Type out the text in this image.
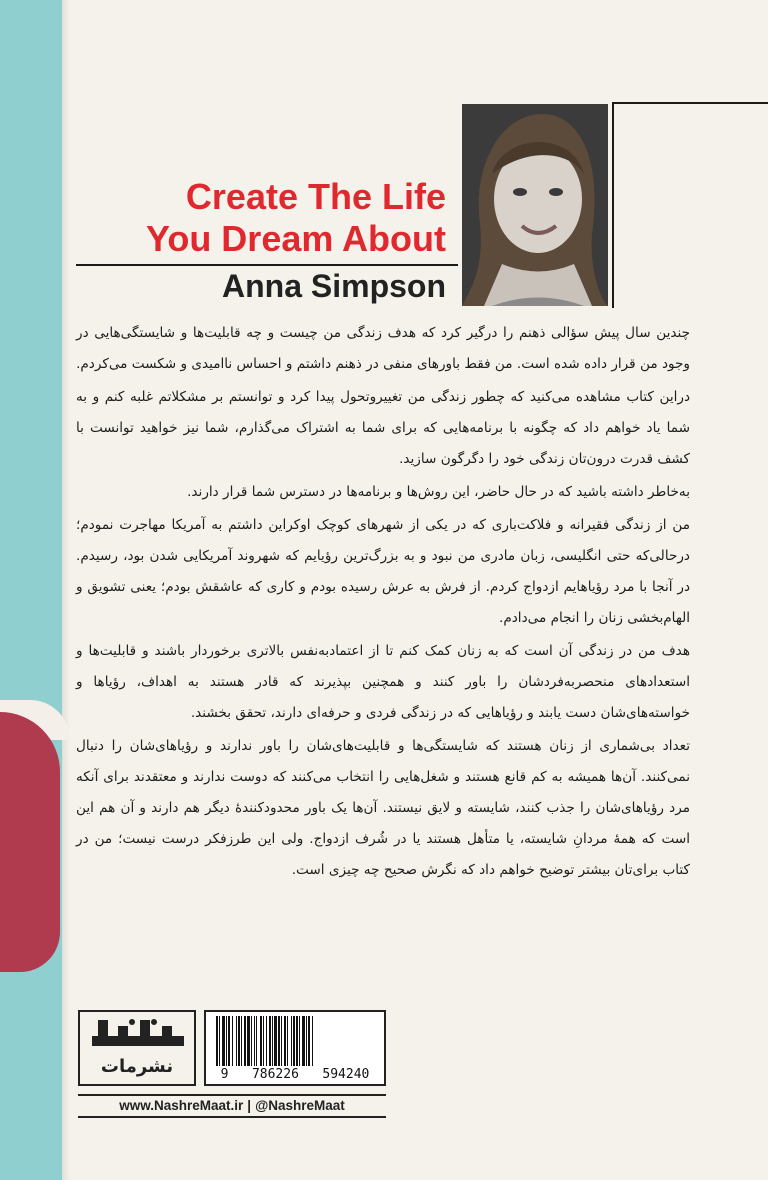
Create The Life
You Dream About
Anna Simpson

چندین سال پیش سؤالی ذهنم را درگیر کرد که هدف زندگی من چیست و چه قابلیت‌ها و شایستگی‌هایی در وجود من قرار داده شده است. من فقط باورهای منفی در ذهنم داشتم و احساس ناامیدی و شکست می‌کردم.

دراین کتاب مشاهده می‌کنید که چطور زندگی من تغییروتحول پیدا کرد و توانستم بر مشکلاتم غلبه کنم و به شما یاد خواهم داد که چگونه با برنامه‌هایی که برای شما به اشتراک می‌گذارم، شما نیز خواهید توانست با کشف قدرت درون‌تان زندگی خود را دگرگون سازید.

به‌خاطر داشته باشید که در حال حاضر، این روش‌ها و برنامه‌ها در دسترس شما قرار دارند.

من از زندگی فقیرانه و فلاکت‌باری که در یکی از شهرهای کوچک اوکراین داشتم به آمریکا مهاجرت نمودم؛ درحالی‌که حتی انگلیسی، زبان مادری من نبود و به بزرگ‌ترین رؤیایم که شهروند آمریکایی شدن بود، رسیدم. در آنجا با مرد رؤیاهایم ازدواج کردم. از فرش به عرش رسیده بودم و کاری که عاشقش بودم؛ یعنی تشویق و الهام‌بخشی زنان را انجام می‌دادم.

هدف من در زندگی آن است که به زنان کمک کنم تا از اعتمادبه‌نفس بالاتری برخوردار باشند و قابلیت‌ها و استعدادهای منحصربه‌فردشان را باور کنند و همچنین بپذیرند که قادر هستند به اهداف، رؤیاها و خواسته‌های‌شان دست یابند و رؤیاهایی که در زندگی فردی و حرفه‌ای دارند، تحقق بخشند.

تعداد بی‌شماری از زنان هستند که شایستگی‌ها و قابلیت‌های‌شان را باور ندارند و رؤیاهای‌شان را دنبال نمی‌کنند. آن‌ها همیشه به کم قانع هستند و شغل‌هایی را انتخاب می‌کنند که دوست ندارند و معتقدند برای آنکه مرد رؤیاهای‌شان را جذب کنند، شایسته و لایق نیستند. آن‌ها یک باور محدودکنندهٔ دیگر هم دارند و آن هم این است که همهٔ مردانِ شایسته، یا متأهل هستند یا در شُرف ازدواج. ولی این طرزفکر درست نیست؛ من در کتاب برای‌تان بیشتر توضیح خواهم داد که نگرش صحیح چه چیزی است.

نشرمات	9 786226 594240
www.NashreMaat.ir | @NashreMaat
